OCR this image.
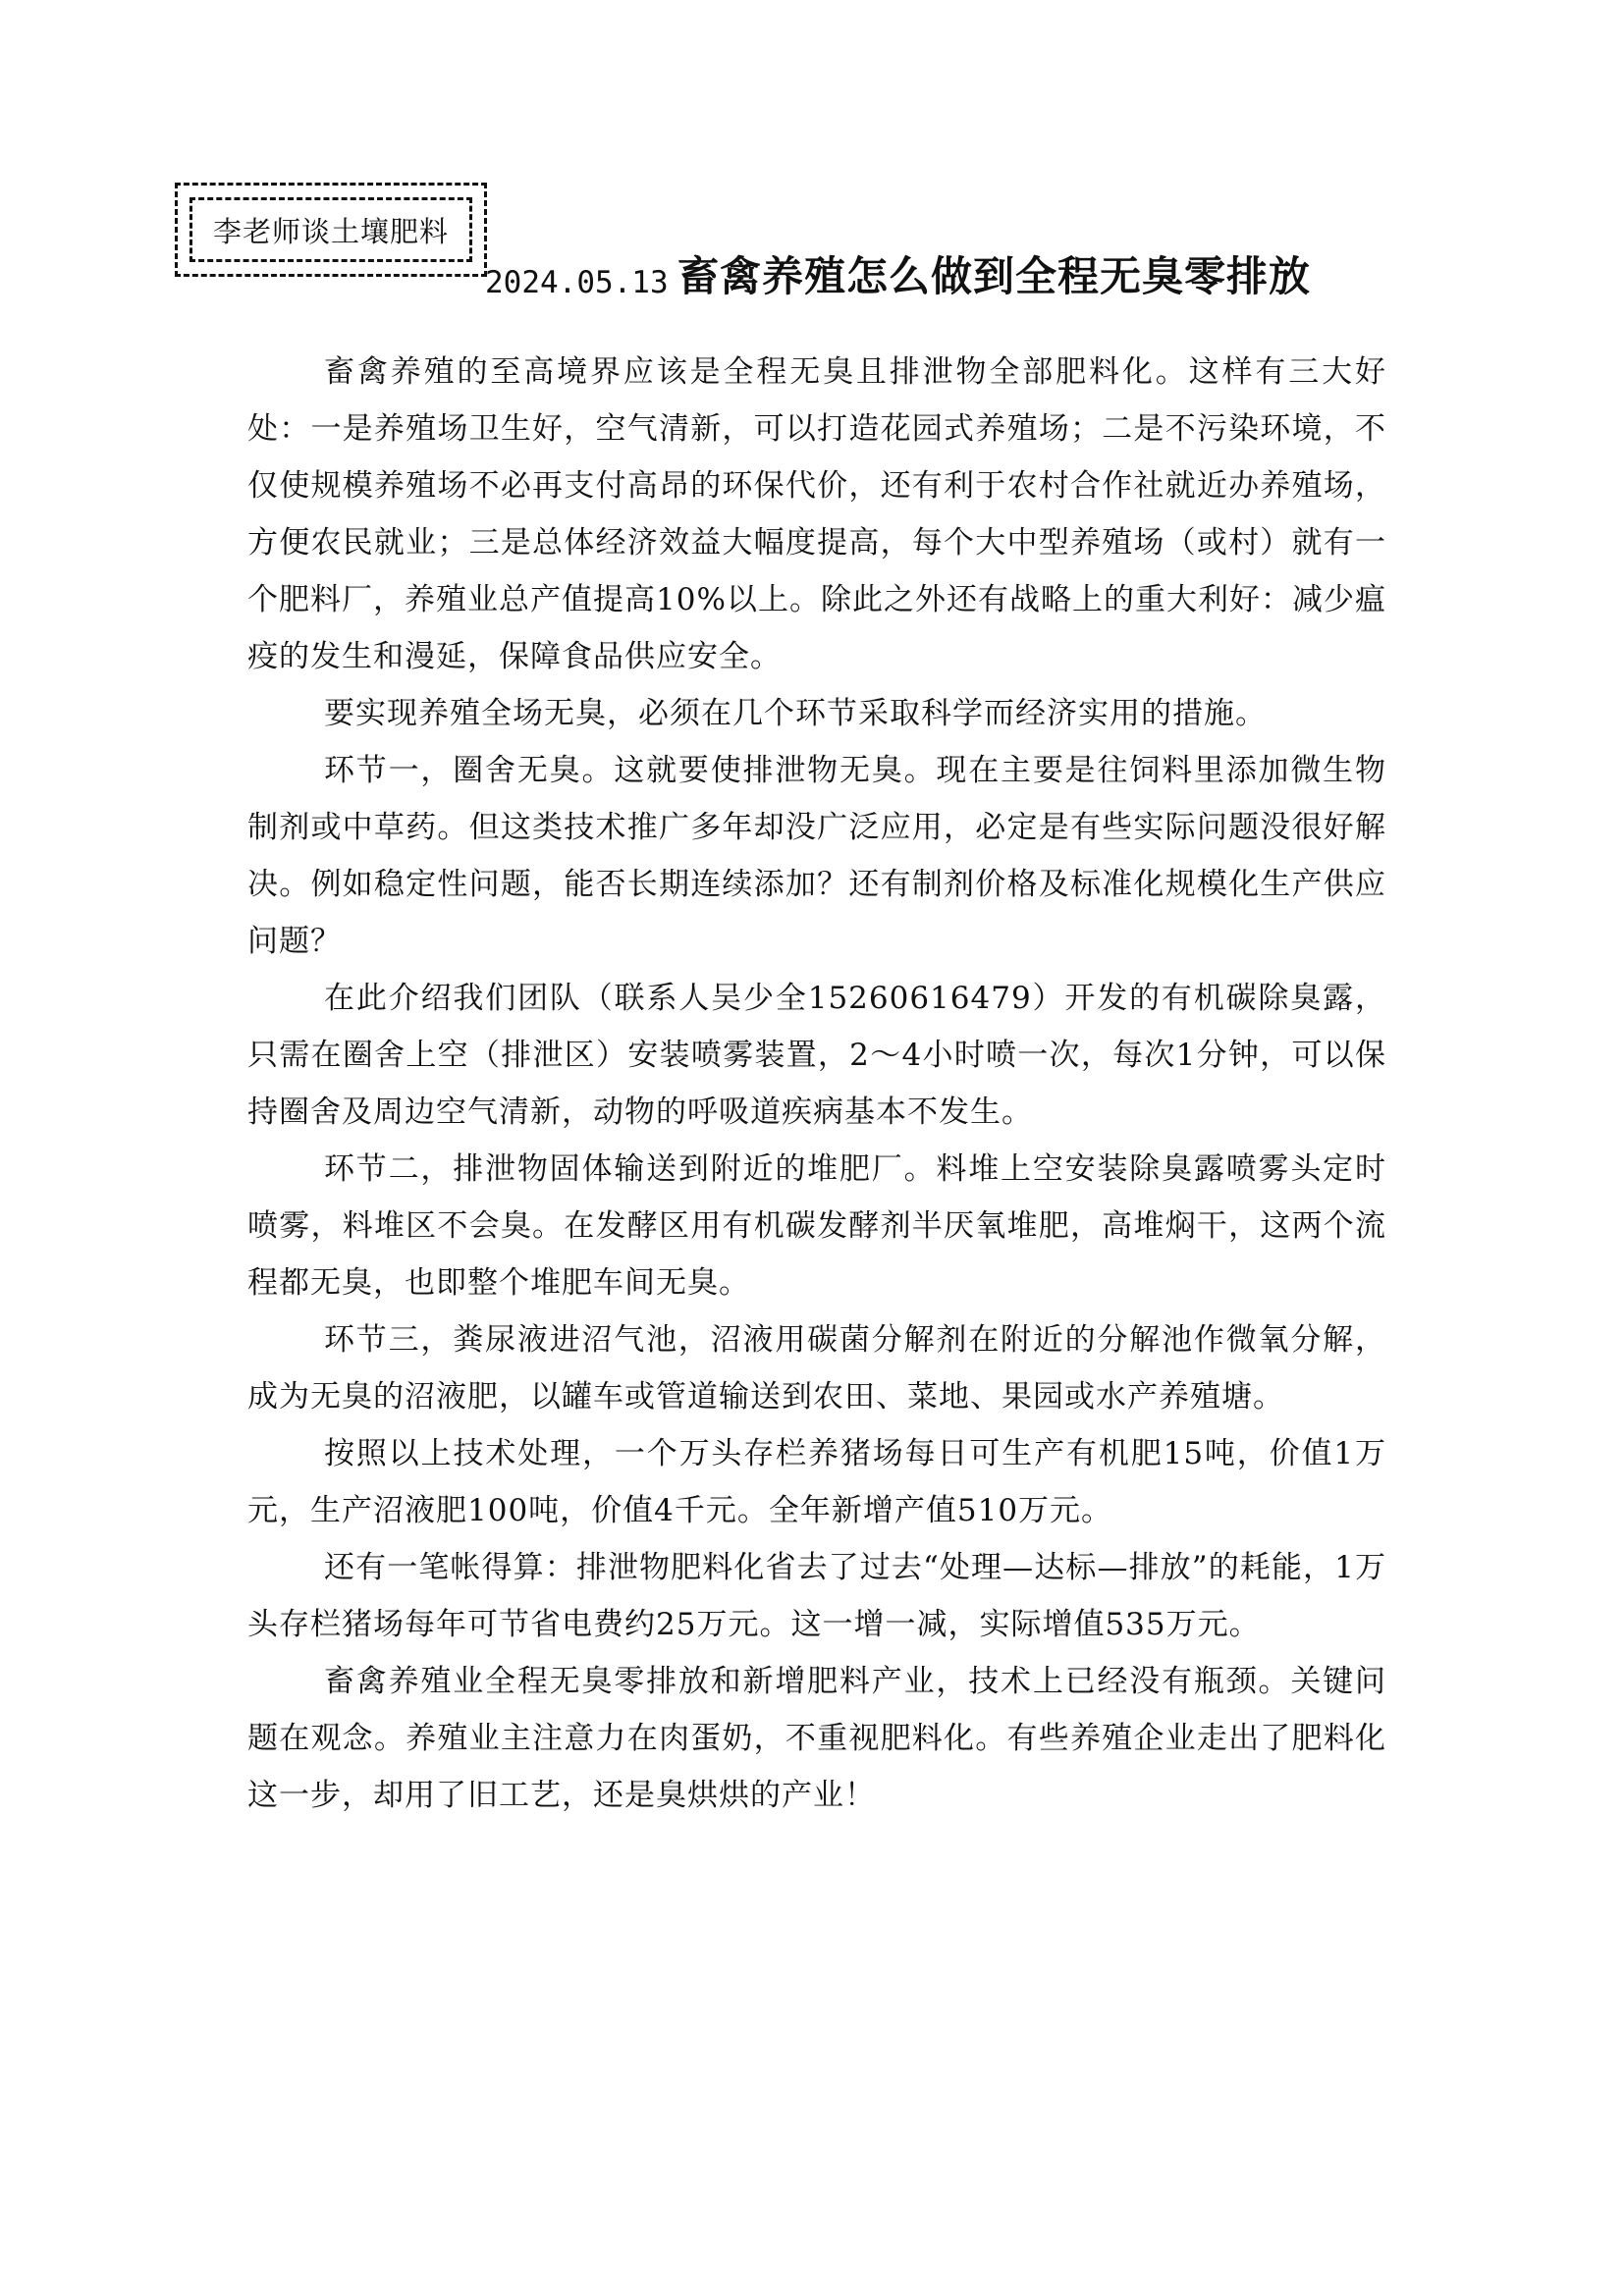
李老师谈土壤肥料
2024.05.13 畜禽养殖怎么做到全程无臭零排放

畜禽养殖的至高境界应该是全程无臭且排泄物全部肥料化。这样有三大好处：一是养殖场卫生好，空气清新，可以打造花园式养殖场；二是不污染环境，不仅使规模养殖场不必再支付高昂的环保代价，还有利于农村合作社就近办养殖场，方便农民就业；三是总体经济效益大幅度提高，每个大中型养殖场（或村）就有一个肥料厂，养殖业总产值提高10%以上。除此之外还有战略上的重大利好：减少瘟疫的发生和漫延，保障食品供应安全。

要实现养殖全场无臭，必须在几个环节采取科学而经济实用的措施。

环节一，圈舍无臭。这就要使排泄物无臭。现在主要是往饲料里添加微生物制剂或中草药。但这类技术推广多年却没广泛应用，必定是有些实际问题没很好解决。例如稳定性问题，能否长期连续添加？还有制剂价格及标准化规模化生产供应问题？

在此介绍我们团队（联系人吴少全15260616479）开发的有机碳除臭露，只需在圈舍上空（排泄区）安装喷雾装置，2～4小时喷一次，每次1分钟，可以保持圈舍及周边空气清新，动物的呼吸道疾病基本不发生。

环节二，排泄物固体输送到附近的堆肥厂。料堆上空安装除臭露喷雾头定时喷雾，料堆区不会臭。在发酵区用有机碳发酵剂半厌氧堆肥，高堆焖干，这两个流程都无臭，也即整个堆肥车间无臭。

环节三，粪尿液进沼气池，沼液用碳菌分解剂在附近的分解池作微氧分解，成为无臭的沼液肥，以罐车或管道输送到农田、菜地、果园或水产养殖塘。

按照以上技术处理，一个万头存栏养猪场每日可生产有机肥15吨，价值1万元，生产沼液肥100吨，价值4千元。全年新增产值510万元。

还有一笔帐得算：排泄物肥料化省去了过去“处理—达标—排放”的耗能，1万头存栏猪场每年可节省电费约25万元。这一增一减，实际增值535万元。

畜禽养殖业全程无臭零排放和新增肥料产业，技术上已经没有瓶颈。关键问题在观念。养殖业主注意力在肉蛋奶，不重视肥料化。有些养殖企业走出了肥料化这一步，却用了旧工艺，还是臭烘烘的产业！
